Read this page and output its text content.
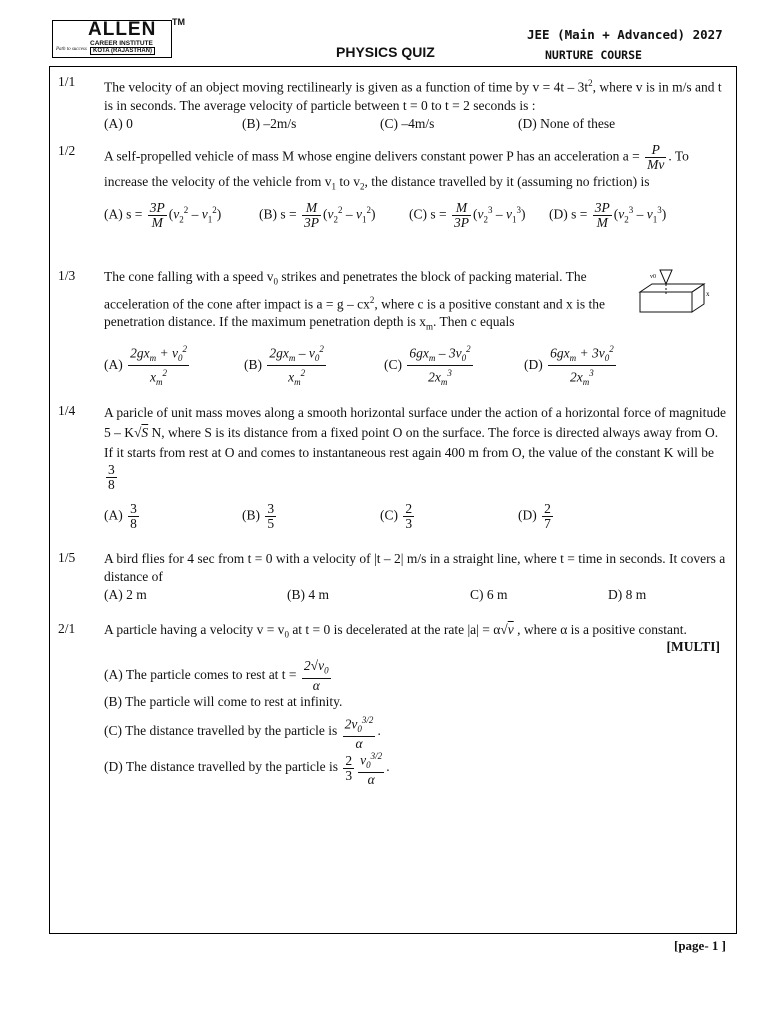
ALLEN TM
CAREER INSTITUTE
KOTA (RAJASTHAN)
Path to success	PHYSICS QUIZ
JEE (Main + Advanced) 2027
NURTURE COURSE
1/1	The velocity of an object moving rectilinearly is given as a function of time by $v = 4t - 3t^2$, where v is in m/s and t is in seconds. The average velocity of particle between t = 0 to t = 2 seconds is :
(A) 0	(B) –2m/s	(C) –4m/s	(D) None of these
1/2	A self-propelled vehicle of mass M whose engine delivers constant power P has an acceleration $a = \frac{P}{Mv}$ . To increase the velocity of the vehicle from $v_1$ to $v_2$, the distance travelled by it (assuming no friction) is
(A) $s = \frac{3P}{M} (v_2^2 - v_1^2)$	(B) $s = \frac{M}{3P} (v_2^2 - v_1^2)$	(C) $s = \frac{M}{3P} (v_2^3 - v_1^3)$	(D) $s = \frac{3P}{M} (v_2^3 - v_1^3)$
1/3	The cone falling with a speed $v_0$ strikes and penetrates the block of packing material. The acceleration of the cone after impact is $a = g - cx^2$, where c is a positive constant and x is the penetration distance. If the maximum penetration depth is $x_m$. Then c equals
v0
x
$(A) \frac{2gx_m + v_0^2}{x_m^2}$	$(B) \frac{2gx_m - v_0^2}{x_m^2}$	$(C) \frac{6gx_m - 3v_0^2}{2x_m^3}$	$(D) \frac{6gx_m + 3v_0^2}{2x_m^3}$
1/4	A paricle of unit mass moves along a smooth horizontal surface under the action of a horizontal force of magnitude 5 – K√S N, where S is its distance from a fixed point O on the surface. The force is directed always away from O. If it starts from rest at O and comes to instantaneous rest again 400 m from O, the value of the constant K will be
$\frac{3}{8}$
$(A) \frac{3}{8}$	$(B) \frac{3}{5}$	$(C) \frac{2}{3}$	$(D) \frac{2}{7}$
1/5	A bird flies for 4 sec from t = 0 with a velocity of |t – 2| m/s in a straight line, where t = time in seconds. It covers a distance of
(A) 2 m	(B) 4 m	C) 6 m	D) 8 m
2/1	A particle having a velocity $v = v_0$ at t = 0 is decelerated at the rate |a| = α√v , where α is a positive constant.
[MULTI]
(A) The particle comes to rest at $t = \frac{2√v_0}{\alpha}$
(B) The particle will come to rest at infinity.
(C) The distance travelled by the particle is $\frac{2v_0^{3/2}}{\alpha}$ .
(D) The distance travelled by the particle is $\frac{2}{3} \frac{v_0^{3/2}}{\alpha}$ .
[page- 1 ]
